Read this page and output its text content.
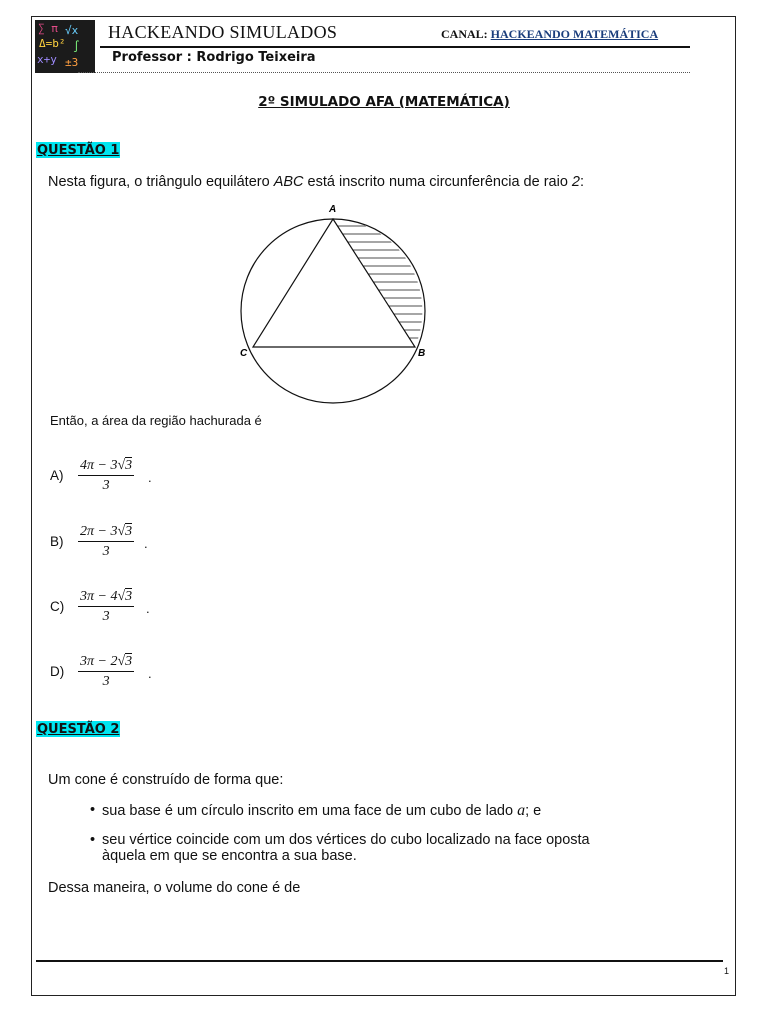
∑ π √x
Δ=b² ∫
x+y ±3
HACKEANDO SIMULADOS	CANAL: HACKEANDO MATEMÁTICA
Professor : Rodrigo Teixeira
2º SIMULADO AFA (MATEMÁTICA)
QUESTÃO 1
Nesta figura, o triângulo equilátero ABC está inscrito numa circunferência de raio 2:
A
B
C
Então, a área da região hachurada é
$A) \frac{4\pi - 3√3}{3}$ .
$B) \frac{2\pi - 3√3}{3}$ .
$C) \frac{3\pi - 4√3}{3}$ .
$D) \frac{3\pi - 2√3}{3}$ .
QUESTÃO 2
Um cone é construído de forma que:
• sua base é um círculo inscrito em uma face de um cubo de lado a; e
• seu vértice coincide com um dos vértices do cubo localizado na face oposta
àquela em que se encontra a sua base.
Dessa maneira, o volume do cone é de
1
